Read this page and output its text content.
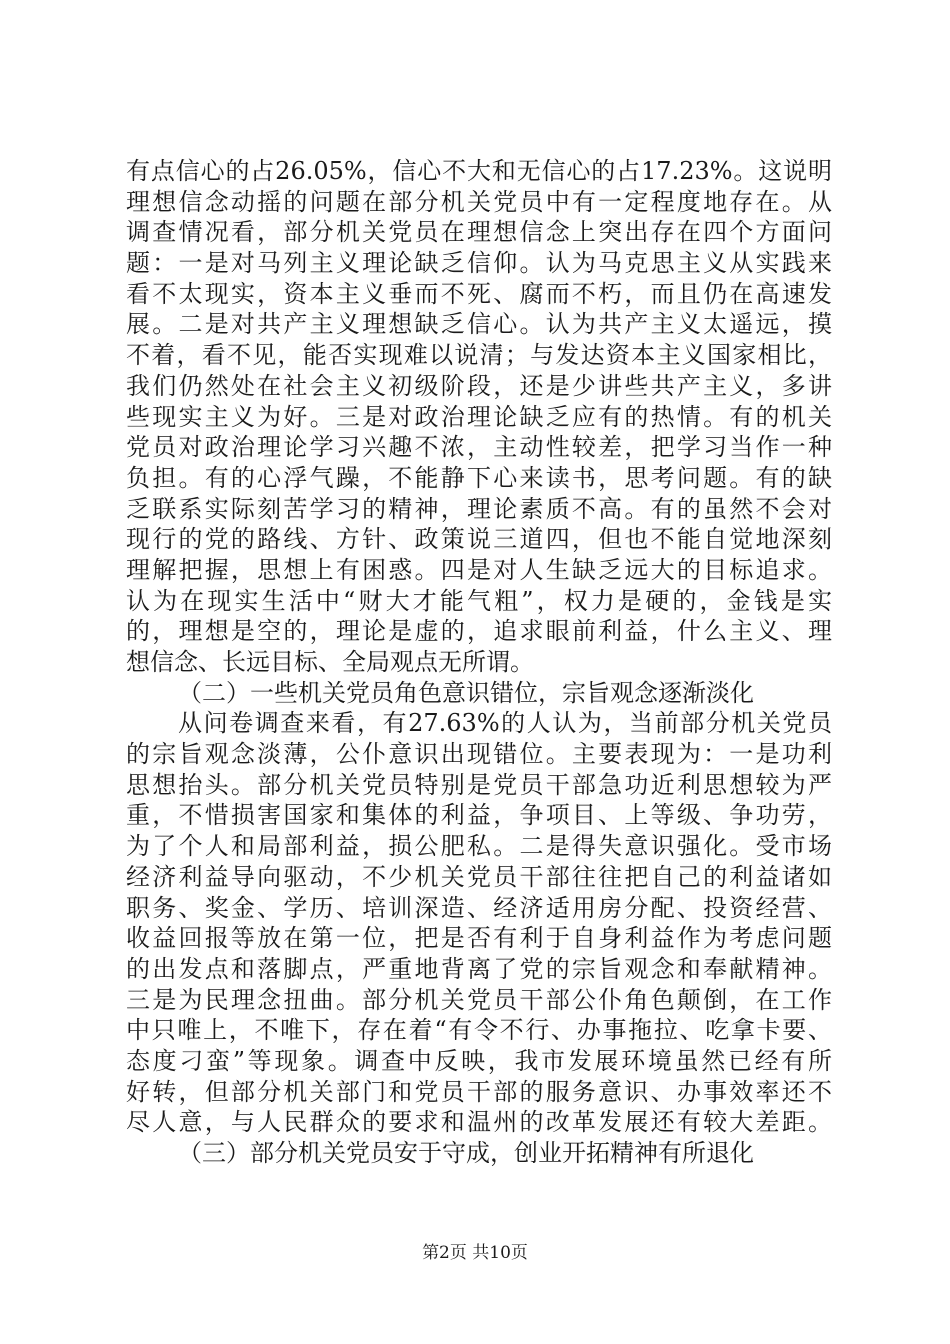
有点信心的占26.05%，信心不大和无信心的占17.23%。这说明
理想信念动摇的问题在部分机关党员中有一定程度地存在。从
调查情况看，部分机关党员在理想信念上突出存在四个方面问
题：一是对马列主义理论缺乏信仰。认为马克思主义从实践来
看不太现实，资本主义垂而不死、腐而不朽，而且仍在高速发
展。二是对共产主义理想缺乏信心。认为共产主义太遥远，摸
不着，看不见，能否实现难以说清；与发达资本主义国家相比，
我们仍然处在社会主义初级阶段，还是少讲些共产主义，多讲
些现实主义为好。三是对政治理论缺乏应有的热情。有的机关
党员对政治理论学习兴趣不浓，主动性较差，把学习当作一种
负担。有的心浮气躁，不能静下心来读书，思考问题。有的缺
乏联系实际刻苦学习的精神，理论素质不高。有的虽然不会对
现行的党的路线、方针、政策说三道四，但也不能自觉地深刻
理解把握，思想上有困惑。四是对人生缺乏远大的目标追求。
认为在现实生活中“财大才能气粗”，权力是硬的，金钱是实
的，理想是空的，理论是虚的，追求眼前利益，什么主义、理
想信念、长远目标、全局观点无所谓。
（二）一些机关党员角色意识错位，宗旨观念逐渐淡化
从问卷调查来看，有27.63%的人认为，当前部分机关党员
的宗旨观念淡薄，公仆意识出现错位。主要表现为：一是功利
思想抬头。部分机关党员特别是党员干部急功近利思想较为严
重，不惜损害国家和集体的利益，争项目、上等级、争功劳，
为了个人和局部利益，损公肥私。二是得失意识强化。受市场
经济利益导向驱动，不少机关党员干部往往把自己的利益诸如
职务、奖金、学历、培训深造、经济适用房分配、投资经营、
收益回报等放在第一位，把是否有利于自身利益作为考虑问题
的出发点和落脚点，严重地背离了党的宗旨观念和奉献精神。
三是为民理念扭曲。部分机关党员干部公仆角色颠倒，在工作
中只唯上，不唯下，存在着“有令不行、办事拖拉、吃拿卡要、
态度刁蛮”等现象。调查中反映，我市发展环境虽然已经有所
好转，但部分机关部门和党员干部的服务意识、办事效率还不
尽人意，与人民群众的要求和温州的改革发展还有较大差距。
（三）部分机关党员安于守成，创业开拓精神有所退化
第2页 共10页
